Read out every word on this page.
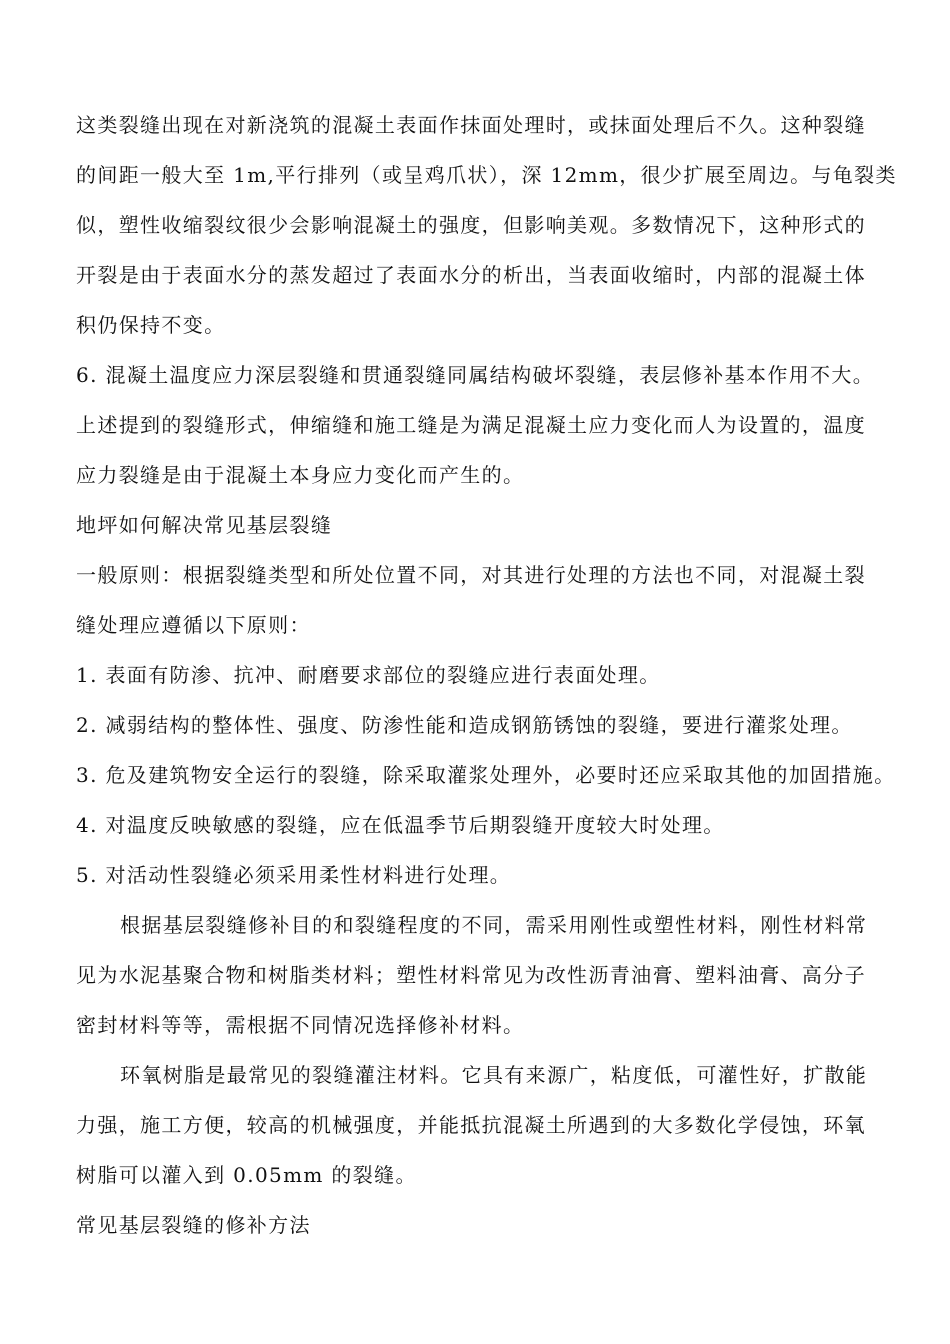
这类裂缝出现在对新浇筑的混凝土表面作抹面处理时，或抹面处理后不久。这种裂缝
的间距一般大至 1m,平行排列（或呈鸡爪状），深 12mm，很少扩展至周边。与龟裂类
似，塑性收缩裂纹很少会影响混凝土的强度，但影响美观。多数情况下，这种形式的
开裂是由于表面水分的蒸发超过了表面水分的析出，当表面收缩时，内部的混凝土体
积仍保持不变。
6. 混凝土温度应力深层裂缝和贯通裂缝同属结构破坏裂缝，表层修补基本作用不大。
上述提到的裂缝形式，伸缩缝和施工缝是为满足混凝土应力变化而人为设置的，温度
应力裂缝是由于混凝土本身应力变化而产生的。
地坪如何解决常见基层裂缝
一般原则：根据裂缝类型和所处位置不同，对其进行处理的方法也不同，对混凝土裂
缝处理应遵循以下原则：
1. 表面有防渗、抗冲、耐磨要求部位的裂缝应进行表面处理。
2. 减弱结构的整体性、强度、防渗性能和造成钢筋锈蚀的裂缝，要进行灌浆处理。
3. 危及建筑物安全运行的裂缝，除采取灌浆处理外，必要时还应采取其他的加固措施。
4. 对温度反映敏感的裂缝，应在低温季节后期裂缝开度较大时处理。
5. 对活动性裂缝必须采用柔性材料进行处理。
根据基层裂缝修补目的和裂缝程度的不同，需采用刚性或塑性材料，刚性材料常
见为水泥基聚合物和树脂类材料；塑性材料常见为改性沥青油膏、塑料油膏、高分子
密封材料等等，需根据不同情况选择修补材料。
环氧树脂是最常见的裂缝灌注材料。它具有来源广，粘度低，可灌性好，扩散能
力强，施工方便，较高的机械强度，并能抵抗混凝土所遇到的大多数化学侵蚀，环氧
树脂可以灌入到 0.05mm 的裂缝。
常见基层裂缝的修补方法
